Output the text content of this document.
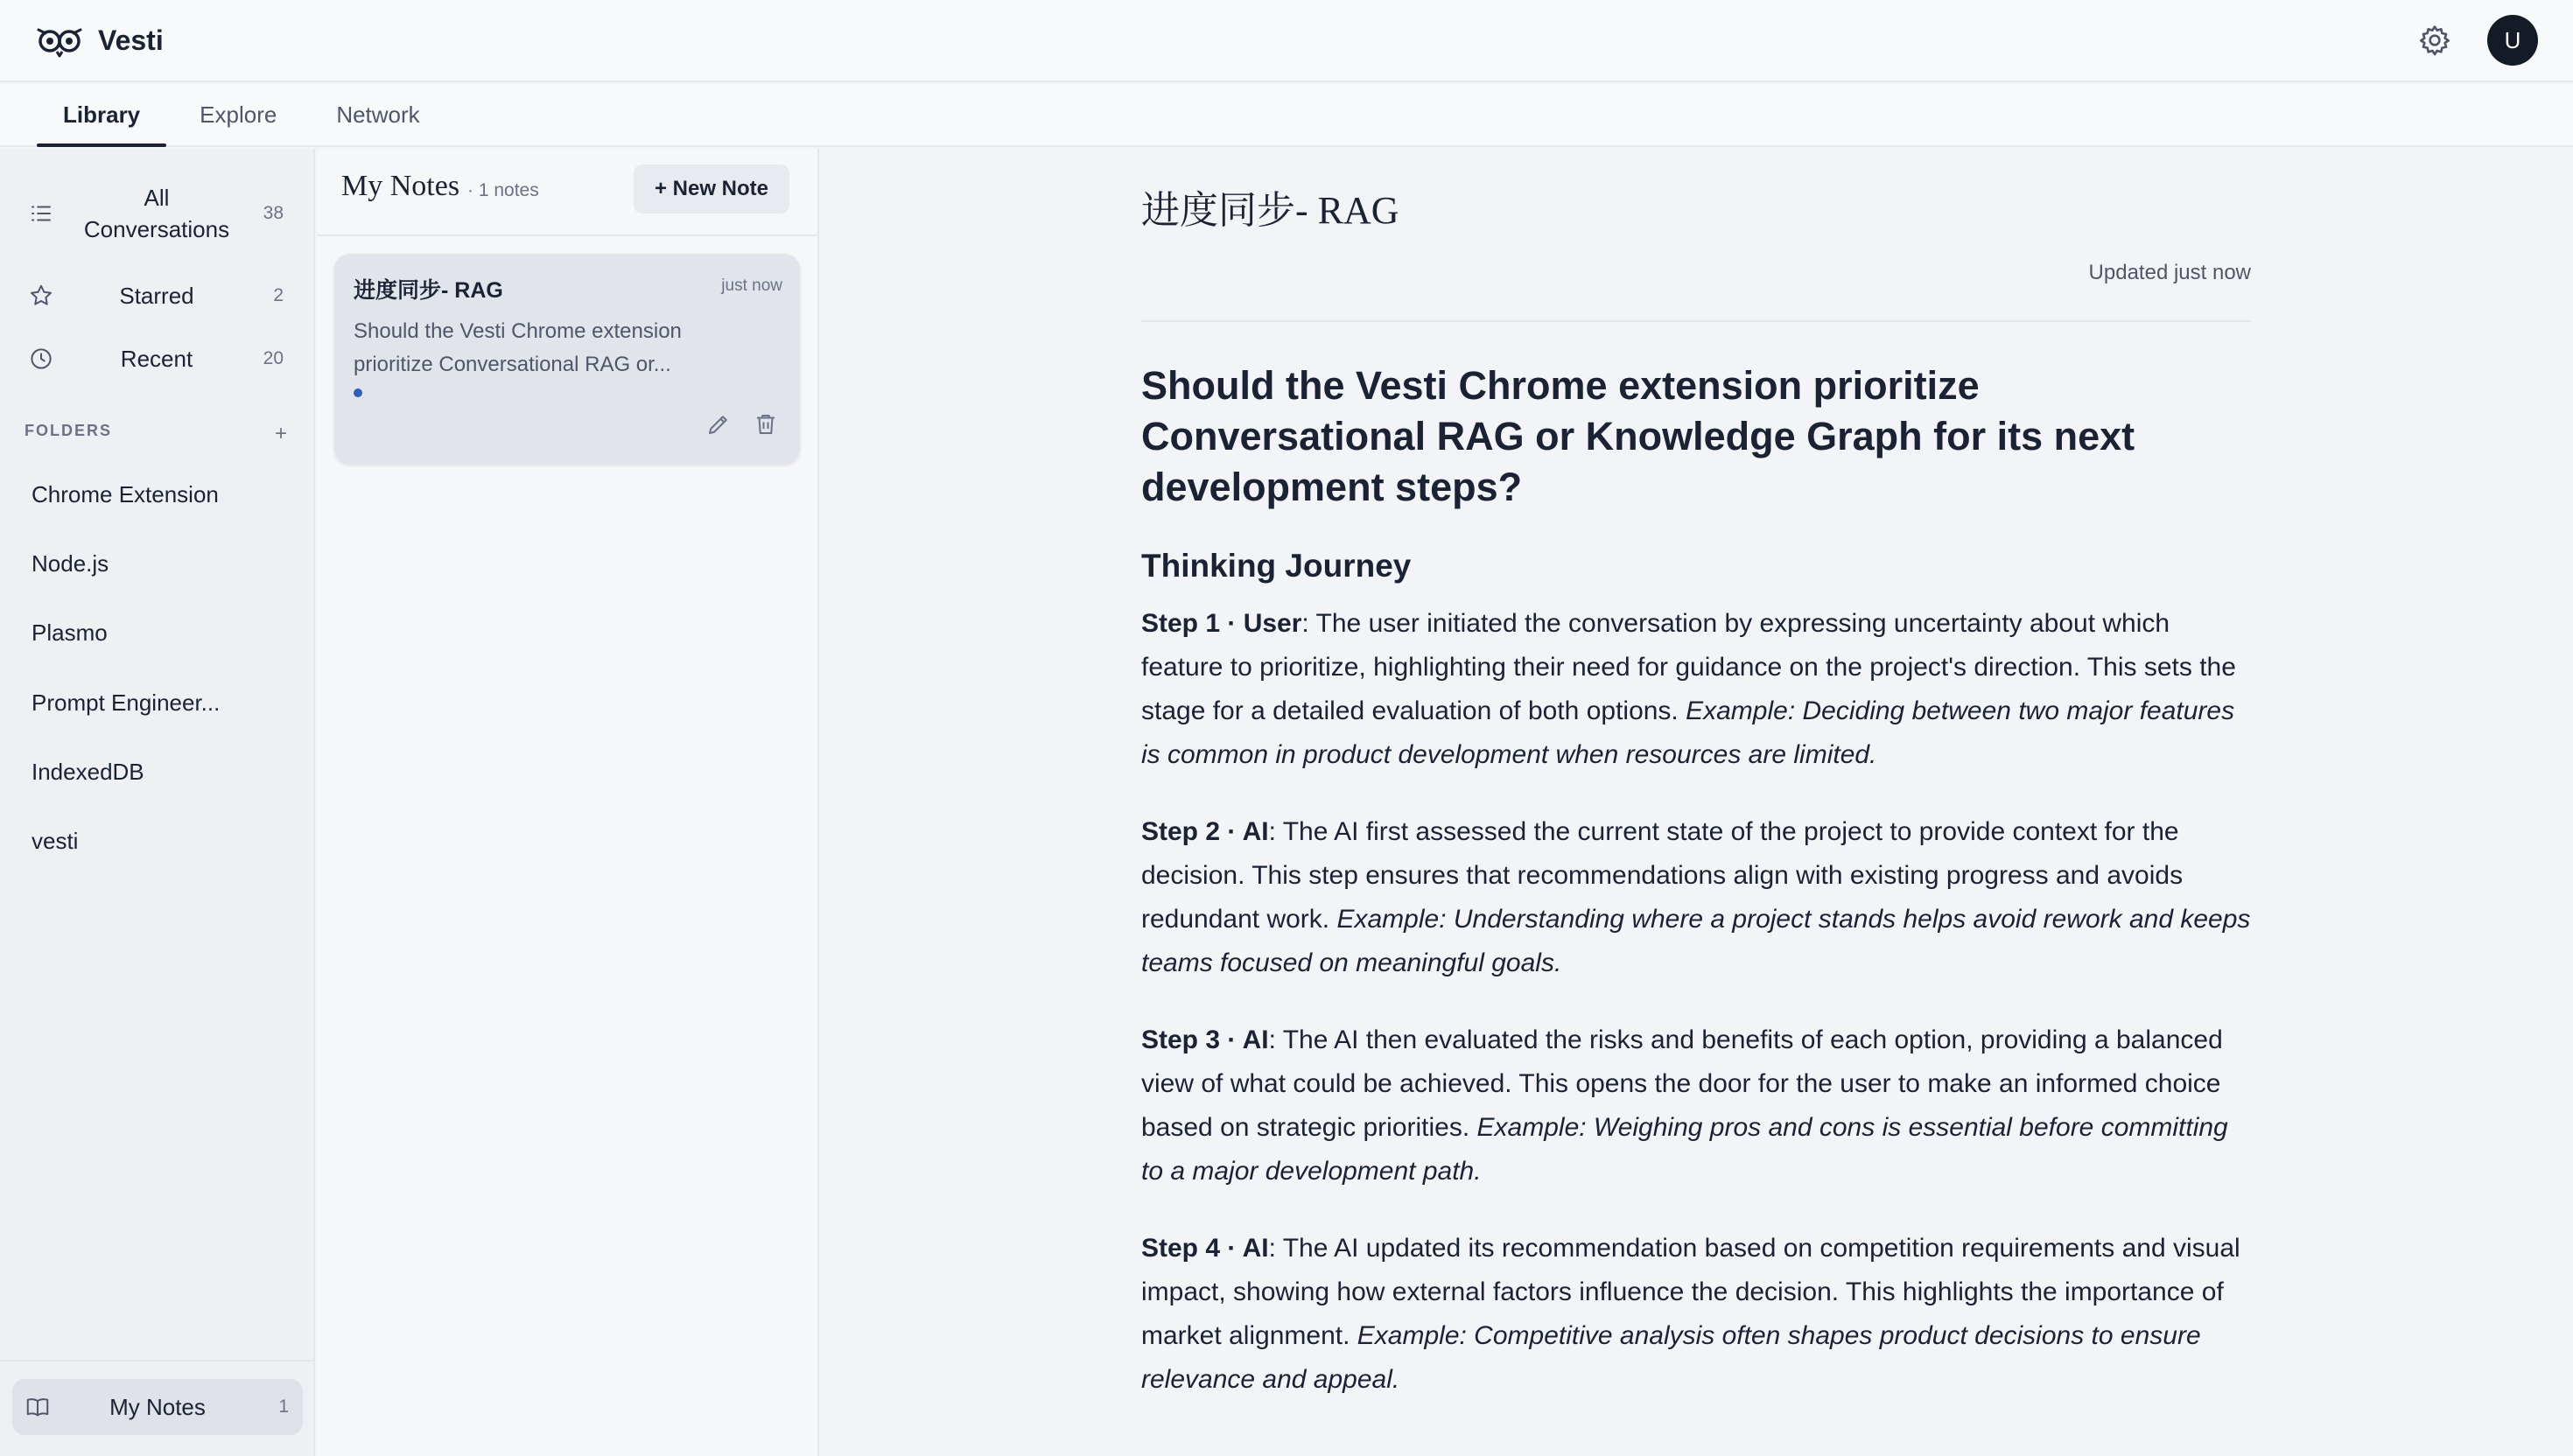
Vesti	U
Library	Explore	Network
All Conversations
38
Starred	2
Recent	20
FOLDERS	+
Chrome Extension
Node.js
Plasmo
Prompt Engineer...
IndexedDB
vesti
My Notes	1
My Notes · 1 notes	+ New Note
进度同步- RAG	just now
Should the Vesti Chrome extension prioritize Conversational RAG or...
进度同步- RAG
Updated just now
Should the Vesti Chrome extension prioritize Conversational RAG or Knowledge Graph for its next development steps?
Thinking Journey

Step 1 · User: The user initiated the conversation by expressing uncertainty about which feature to prioritize, highlighting their need for guidance on the project's direction. This sets the stage for a detailed evaluation of both options. Example: Deciding between two major features is common in product development when resources are limited.

Step 2 · AI: The AI first assessed the current state of the project to provide context for the decision. This step ensures that recommendations align with existing progress and avoids redundant work. Example: Understanding where a project stands helps avoid rework and keeps teams focused on meaningful goals.

Step 3 · AI: The AI then evaluated the risks and benefits of each option, providing a balanced view of what could be achieved. This opens the door for the user to make an informed choice based on strategic priorities. Example: Weighing pros and cons is essential before committing to a major development path.

Step 4 · AI: The AI updated its recommendation based on competition requirements and visual impact, showing how external factors influence the decision. This highlights the importance of market alignment. Example: Competitive analysis often shapes product decisions to ensure relevance and appeal.
